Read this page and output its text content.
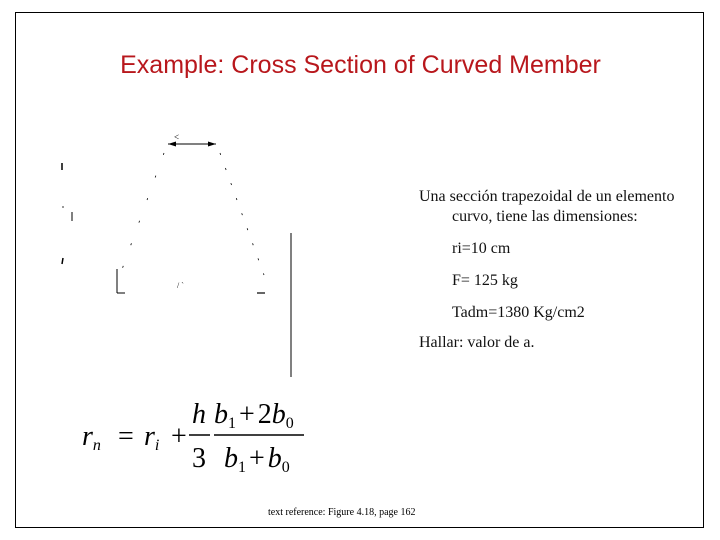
Example: Cross Section of Curved Member
<
/ `

Una sección trapezoidal de un elemento curvo, tiene las dimensiones:

ri=10 cm

F= 125 kg

Tadm=1380 Kg/cm2

Hallar: valor de a.

rn = ri +
h
3
b1 + 2b0
b1 + b0
text reference: Figure 4.18, page 162
